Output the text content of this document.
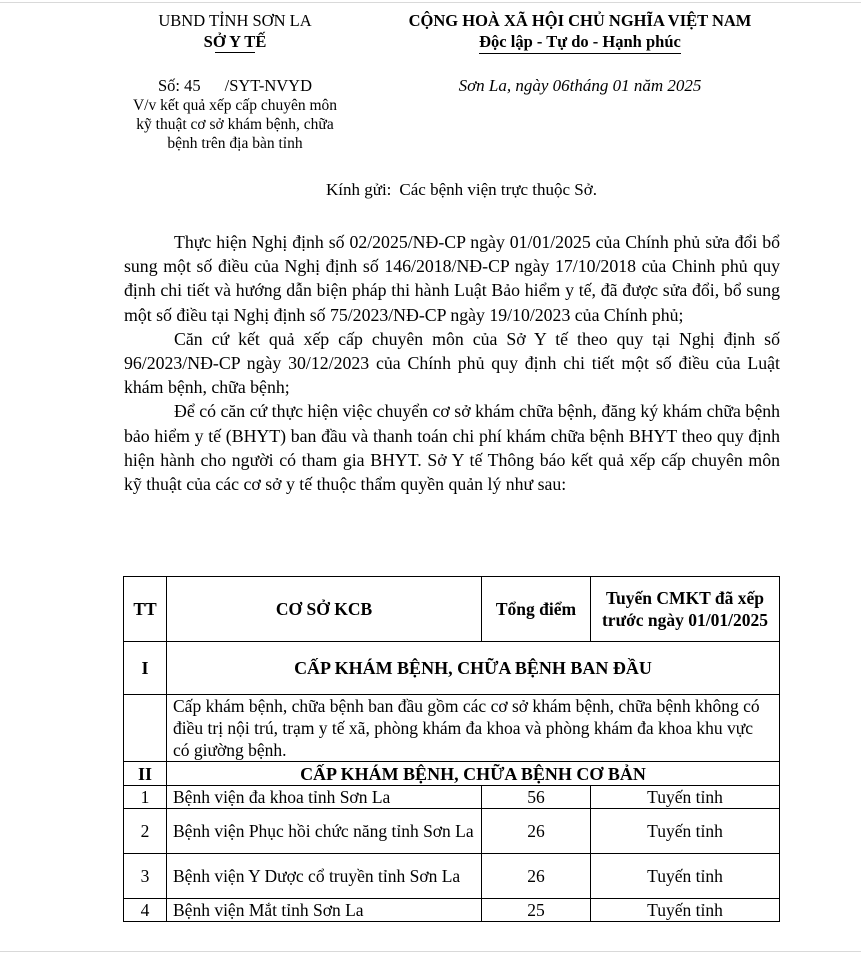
UBND TỈNH SƠN LA
SỞ Y TẾ
Số: 45 /SYT-NVYD
V/v kết quả xếp cấp chuyên môn
kỹ thuật cơ sở khám bệnh, chữa
bệnh trên địa bàn tỉnh
CỘNG HOÀ XÃ HỘI CHỦ NGHĨA VIỆT NAM
Độc lập - Tự do - Hạnh phúc
Sơn La, ngày 06tháng 01 năm 2025
Kính gửi: Các bệnh viện trực thuộc Sở.

Thực hiện Nghị định số 02/2025/NĐ-CP ngày 01/01/2025 của Chính phủ sửa đổi bổ sung một số điều của Nghị định số 146/2018/NĐ-CP ngày 17/10/2018 của Chinh phủ quy định chi tiết và hướng dẫn biện pháp thi hành Luật Bảo hiểm y tế, đã được sửa đổi, bổ sung một số điều tại Nghị định số 75/2023/NĐ-CP ngày 19/10/2023 của Chính phủ;

Căn cứ kết quả xếp cấp chuyên môn của Sở Y tế theo quy tại Nghị định số 96/2023/NĐ-CP ngày 30/12/2023 của Chính phủ quy định chi tiết một số điều của Luật khám bệnh, chữa bệnh;

Để có căn cứ thực hiện việc chuyển cơ sở khám chữa bệnh, đăng ký khám chữa bệnh bảo hiểm y tế (BHYT) ban đầu và thanh toán chi phí khám chữa bệnh BHYT theo quy định hiện hành cho người có tham gia BHYT. Sở Y tế Thông báo kết quả xếp cấp chuyên môn kỹ thuật của các cơ sở y tế thuộc thẩm quyền quản lý như sau:

TT	CƠ SỞ KCB	Tổng điểm	Tuyến CMKT đã xếp trước ngày 01/01/2025
I	CẤP KHÁM BỆNH, CHỮA BỆNH BAN ĐẦU		
	Cấp khám bệnh, chữa bệnh ban đầu gồm các cơ sở khám bệnh, chữa bệnh không có điều trị nội trú, trạm y tế xã, phòng khám đa khoa và phòng khám đa khoa khu vực có giường bệnh.		
II	CẤP KHÁM BỆNH, CHỮA BỆNH CƠ BẢN		
1	Bệnh viện đa khoa tỉnh Sơn La	56	Tuyến tỉnh
2	Bệnh viện Phục hồi chức năng tỉnh Sơn La	26	Tuyến tỉnh
3	Bệnh viện Y Dược cổ truyền tỉnh Sơn La	26	Tuyến tỉnh
4	Bệnh viện Mắt tỉnh Sơn La	25	Tuyến tỉnh
